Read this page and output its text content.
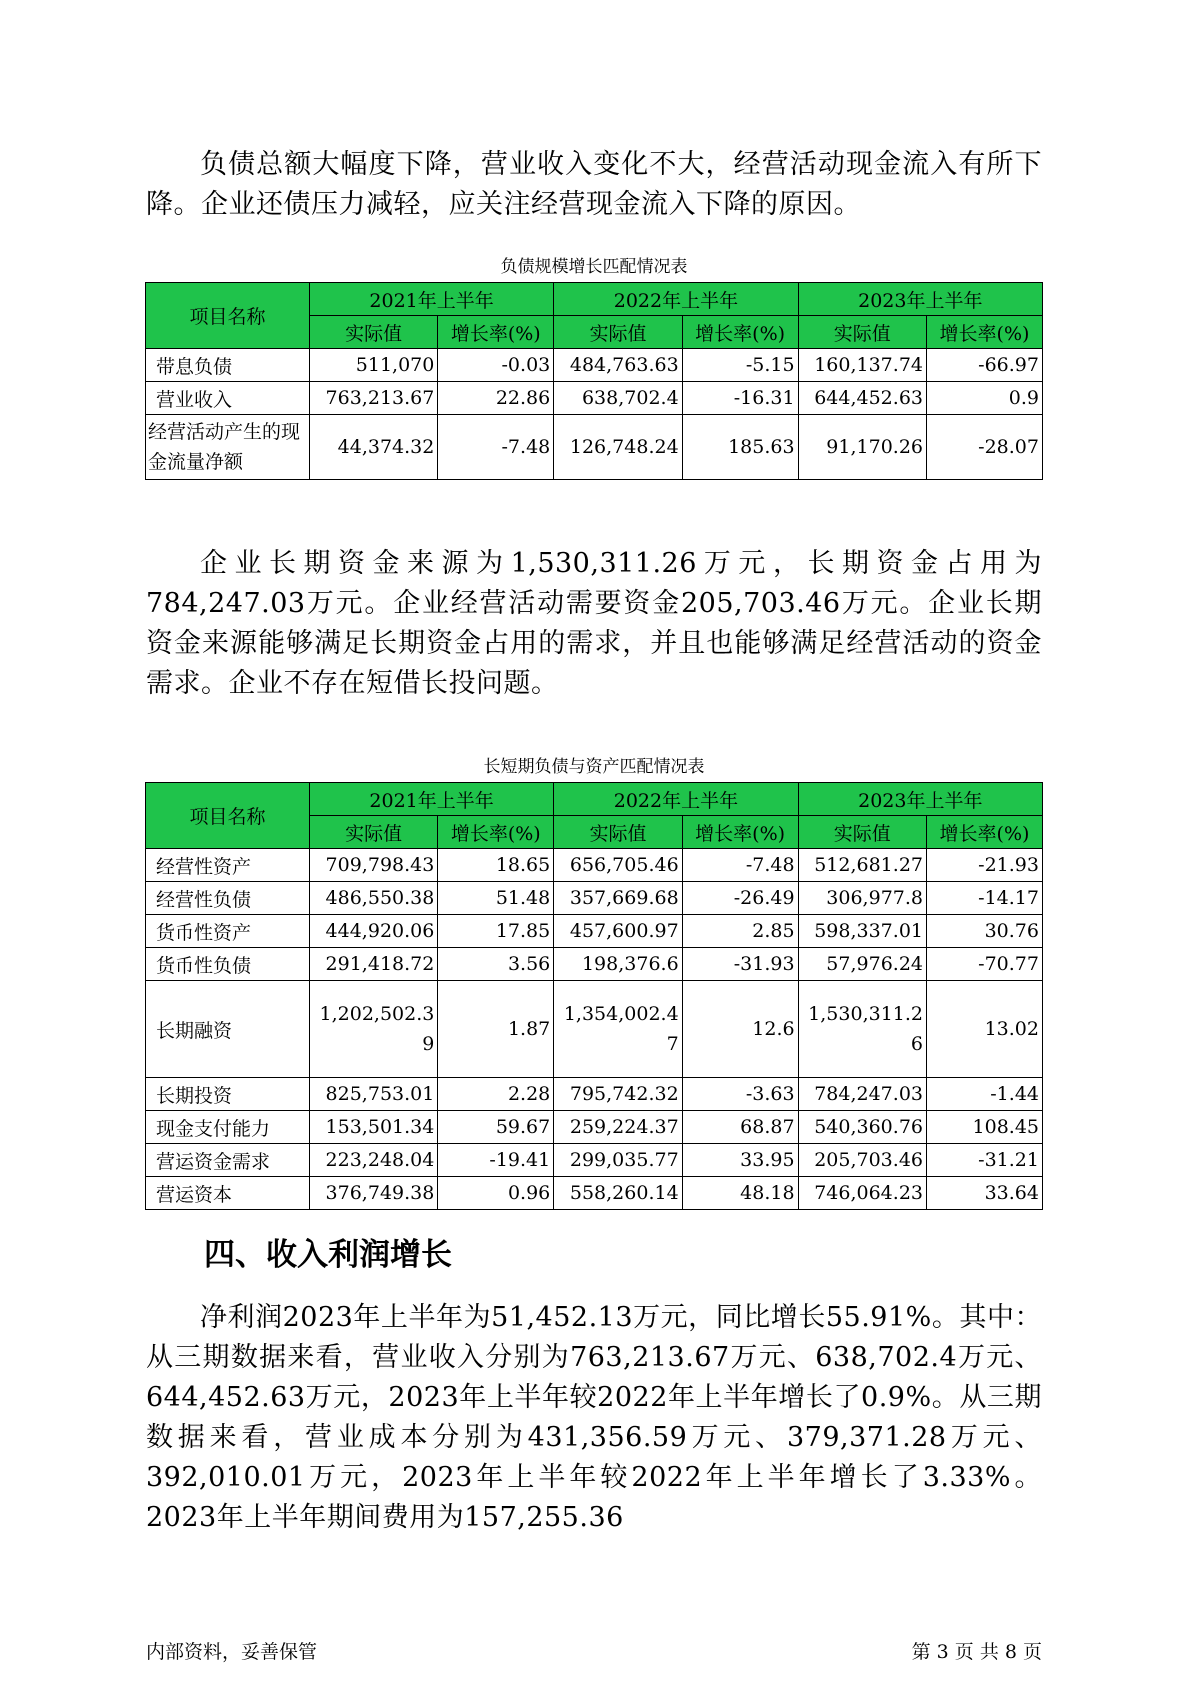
负债总额大幅度下降，营业收入变化不大，经营活动现金流入有所下降。企业还债压力减轻，应关注经营现金流入下降的原因。

负债规模增长匹配情况表
项目名称	2021年上半年		2022年上半年		2023年上半年	
	实际值	增长率(%)	实际值	增长率(%)	实际值	增长率(%)
带息负债	511,070	-0.03	484,763.63	-5.15	160,137.74	-66.97
营业收入	763,213.67	22.86	638,702.4	-16.31	644,452.63	0.9
经营活动产生的现金流量净额	44,374.32	-7.48	126,748.24	185.63	91,170.26	-28.07

企业长期资金来源为1,530,311.26万元，长期资金占用为784,247.03万元。企业经营活动需要资金205,703.46万元。企业长期资金来源能够满足长期资金占用的需求，并且也能够满足经营活动的资金需求。企业不存在短借长投问题。

长短期负债与资产匹配情况表
项目名称	2021年上半年		2022年上半年		2023年上半年	
	实际值	增长率(%)	实际值	增长率(%)	实际值	增长率(%)
经营性资产	709,798.43	18.65	656,705.46	-7.48	512,681.27	-21.93
经营性负债	486,550.38	51.48	357,669.68	-26.49	306,977.8	-14.17
货币性资产	444,920.06	17.85	457,600.97	2.85	598,337.01	30.76
货币性负债	291,418.72	3.56	198,376.6	-31.93	57,976.24	-70.77
长期融资	1,202,502.39	1.87	1,354,002.47	12.6	1,530,311.26	13.02
长期投资	825,753.01	2.28	795,742.32	-3.63	784,247.03	-1.44
现金支付能力	153,501.34	59.67	259,224.37	68.87	540,360.76	108.45
营运资金需求	223,248.04	-19.41	299,035.77	33.95	205,703.46	-31.21
营运资本	376,749.38	0.96	558,260.14	48.18	746,064.23	33.64
四、收入利润增长

净利润2023年上半年为51,452.13万元，同比增长55.91%。其中：从三期数据来看，营业收入分别为763,213.67万元、638,702.4万元、644,452.63万元，2023年上半年较2022年上半年增长了0.9%。从三期数据来看，营业成本分别为431,356.59万元、379,371.28万元、392,010.01万元，2023年上半年较2022年上半年增长了3.33%。2023年上半年期间费用为157,255.36

内部资料，妥善保管	第 3 页 共 8 页
